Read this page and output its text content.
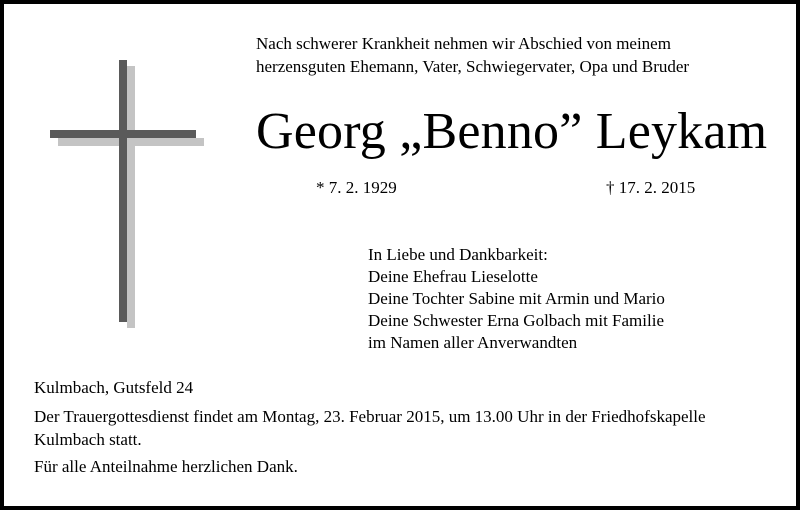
Nach schwerer Krankheit nehmen wir Abschied von meinem
herzensguten Ehemann, Vater, Schwiegervater, Opa und Bruder
Georg „Benno” Leykam
* 7. 2. 1929	† 17. 2. 2015
In Liebe und Dankbarkeit:
Deine Ehefrau Lieselotte
Deine Tochter Sabine mit Armin und Mario
Deine Schwester Erna Golbach mit Familie
im Namen aller Anverwandten
Kulmbach, Gutsfeld 24
Der Trauergottesdienst findet am Montag, 23. Februar 2015, um 13.00 Uhr in der Friedhofskapelle
Kulmbach statt.
Für alle Anteilnahme herzlichen Dank.
